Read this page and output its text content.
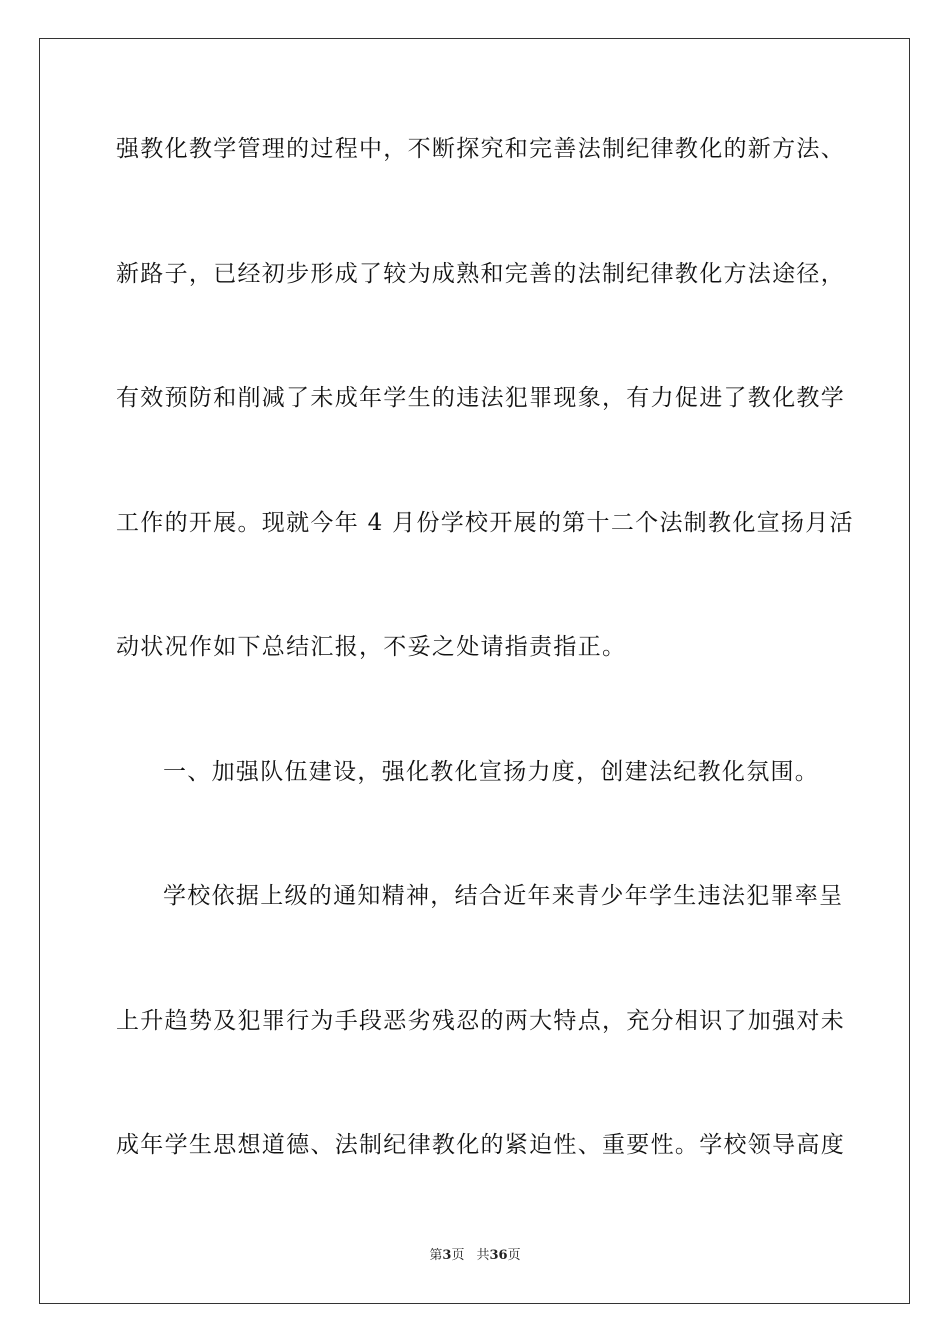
强教化教学管理的过程中，不断探究和完善法制纪律教化的新方法、
新路子，已经初步形成了较为成熟和完善的法制纪律教化方法途径，
有效预防和削减了未成年学生的违法犯罪现象，有力促进了教化教学
工作的开展。现就今年 4 月份学校开展的第十二个法制教化宣扬月活
动状况作如下总结汇报，不妥之处请指责指正。
一、加强队伍建设，强化教化宣扬力度，创建法纪教化氛围。
学校依据上级的通知精神，结合近年来青少年学生违法犯罪率呈
上升趋势及犯罪行为手段恶劣残忍的两大特点，充分相识了加强对未
成年学生思想道德、法制纪律教化的紧迫性、重要性。学校领导高度
第3页 共36页
